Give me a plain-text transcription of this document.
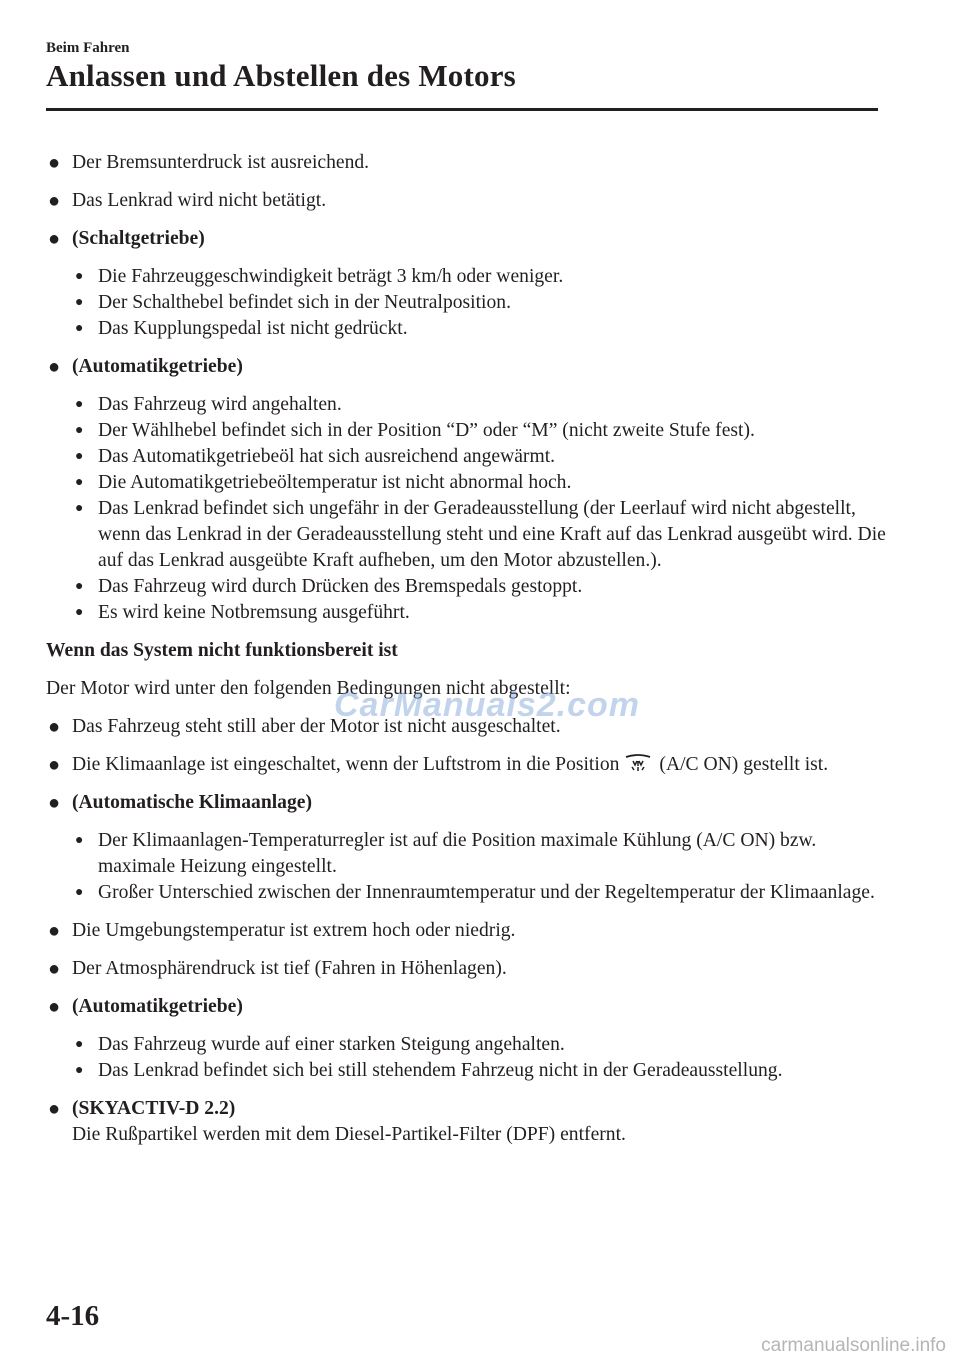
Beim Fahren
Anlassen und Abstellen des Motors
● Der Bremsunterdruck ist ausreichend.
● Das Lenkrad wird nicht betätigt.
● (Schaltgetriebe)
● Die Fahrzeuggeschwindigkeit beträgt 3 km/h oder weniger.
● Der Schalthebel befindet sich in der Neutralposition.
● Das Kupplungspedal ist nicht gedrückt.
● (Automatikgetriebe)
● Das Fahrzeug wird angehalten.
● Der Wählhebel befindet sich in der Position “D” oder “M” (nicht zweite Stufe fest).
● Das Automatikgetriebeöl hat sich ausreichend angewärmt.
● Die Automatikgetriebeöltemperatur ist nicht abnormal hoch.
● Das Lenkrad befindet sich ungefähr in der Geradeausstellung (der Leerlauf wird nicht abgestellt, wenn das Lenkrad in der Geradeausstellung steht und eine Kraft auf das Lenkrad ausgeübt wird. Die auf das Lenkrad ausgeübte Kraft aufheben, um den Motor abzustellen.).
● Das Fahrzeug wird durch Drücken des Bremspedals gestoppt.
● Es wird keine Notbremsung ausgeführt.
Wenn das System nicht funktionsbereit ist
Der Motor wird unter den folgenden Bedingungen nicht abgestellt:
● Das Fahrzeug steht still aber der Motor ist nicht ausgeschaltet.
● Die Klimaanlage ist eingeschaltet, wenn der Luftstrom in die Position (A/C ON) gestellt ist.
● (Automatische Klimaanlage)
● Der Klimaanlagen-Temperaturregler ist auf die Position maximale Kühlung (A/C ON) bzw. maximale Heizung eingestellt.
● Großer Unterschied zwischen der Innenraumtemperatur und der Regeltemperatur der Klimaanlage.
● Die Umgebungstemperatur ist extrem hoch oder niedrig.
● Der Atmosphärendruck ist tief (Fahren in Höhenlagen).
● (Automatikgetriebe)
● Das Fahrzeug wurde auf einer starken Steigung angehalten.
● Das Lenkrad befindet sich bei still stehendem Fahrzeug nicht in der Geradeausstellung.
● (SKYACTIV-D 2.2)
Die Rußpartikel werden mit dem Diesel-Partikel-Filter (DPF) entfernt.
CarManuals2.com
4-16
carmanualsonline.info
